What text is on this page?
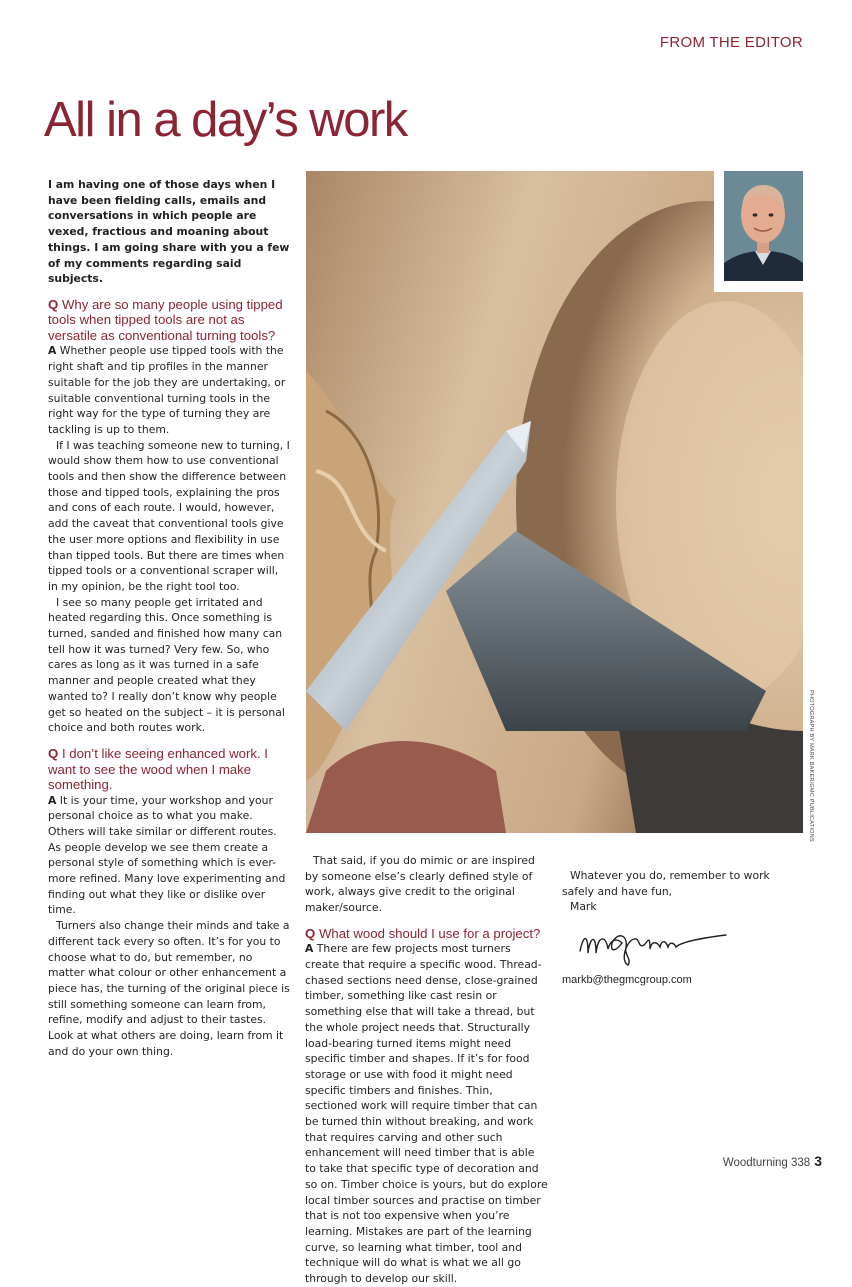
FROM THE EDITOR
All in a day’s work

I am having one of those days when I have been fielding calls, emails and conversations in which people are vexed, fractious and moaning about things. I am going share with you a few of my comments regarding said subjects.

Q Why are so many people using tipped tools when tipped tools are not as versatile as conventional turning tools?

A Whether people use tipped tools with the right shaft and tip profiles in the manner suitable for the job they are undertaking, or suitable conventional turning tools in the right way for the type of turning they are tackling is up to them.

If I was teaching someone new to turning, I would show them how to use conventional tools and then show the difference between those and tipped tools, explaining the pros and cons of each route. I would, however, add the caveat that conventional tools give the user more options and flexibility in use than tipped tools. But there are times when tipped tools or a conventional scraper will, in my opinion, be the right tool too.

I see so many people get irritated and heated regarding this. Once something is turned, sanded and finished how many can tell how it was turned? Very few. So, who cares as long as it was turned in a safe manner and people created what they wanted to? I really don’t know why people get so heated on the subject – it is personal choice and both routes work.

Q I don’t like seeing enhanced work. I want to see the wood when I make something.

A It is your time, your workshop and your personal choice as to what you make. Others will take similar or different routes. As people develop we see them create a personal style of something which is ever-more refined. Many love experimenting and finding out what they like or dislike over time.

Turners also change their minds and take a different tack every so often. It’s for you to choose what to do, but remember, no matter what colour or other enhancement a piece has, the turning of the original piece is still something someone can learn from, refine, modify and adjust to their tastes. Look at what others are doing, learn from it and do your own thing.

That said, if you do mimic or are inspired by someone else’s clearly defined style of work, always give credit to the original maker/source.

Q What wood should I use for a project?

A There are few projects most turners create that require a specific wood. Thread-chased sections need dense, close-grained timber, something like cast resin or something else that will take a thread, but the whole project needs that. Structurally load-bearing turned items might need specific timber and shapes. If it’s for food storage or use with food it might need specific timbers and finishes. Thin, sectioned work will require timber that can be turned thin without breaking, and work that requires carving and other such enhancement will need timber that is able to take that specific type of decoration and so on. Timber choice is yours, but do explore local timber sources and practise on timber that is not too expensive when you’re learning. Mistakes are part of the learning curve, so learning what timber, tool and technique will do what is what we all go through to develop our skill.

Whatever you do, remember to work safely and have fun,

Mark

markb@thegmcgroup.com

PHOTOGRAPH BY MARK BAKER/GMC PUBLICATIONS
Woodturning 338 3
